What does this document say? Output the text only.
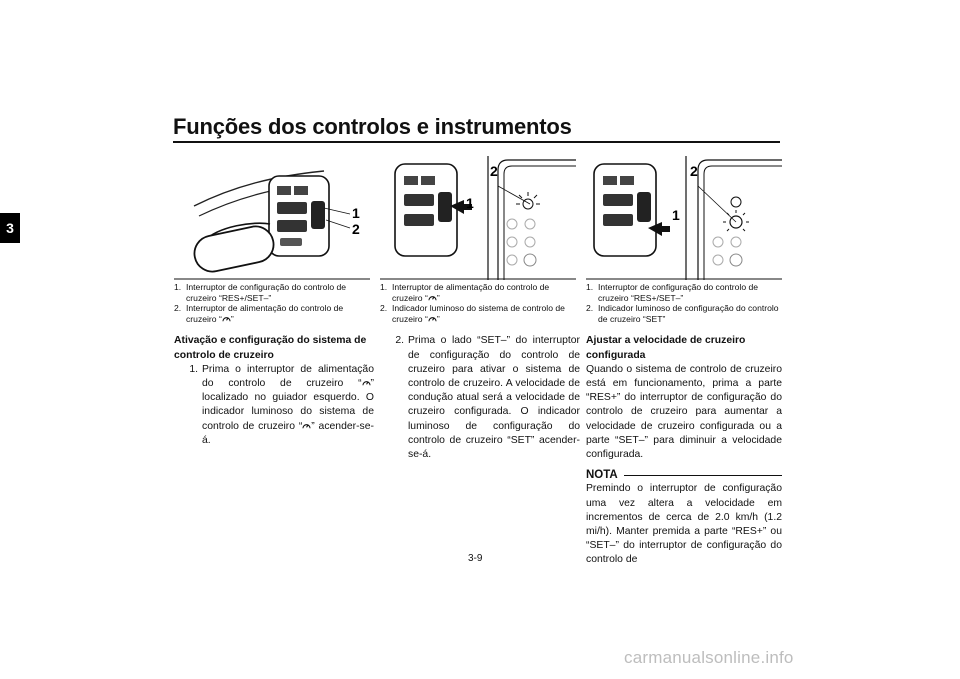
Funções dos controlos e instrumentos
3
1
2
2
1
2
1
1. Interruptor de configuração do controlo de cruzeiro “RES+/SET–”
2. Interruptor de alimentação do controlo de cruzeiro “ ”
Ativação e configuração do sistema de controlo de cruzeiro
1. Prima o interruptor de alimentação do controlo de cruzeiro “ ” localizado no guiador esquerdo. O indicador luminoso do sistema de controlo de cruzeiro “ ” acender-se-á.
1. Interruptor de alimentação do controlo de cruzeiro “ ”
2. Indicador luminoso do sistema de controlo de cruzeiro “ ”
2. Prima o lado “SET–” do interruptor de configuração do controlo de cruzeiro para ativar o sistema de controlo de cruzeiro. A velocidade de condução atual será a velocidade de cruzeiro configurada. O indicador luminoso de configuração do controlo de cruzeiro “SET” acender-se-á.
1. Interruptor de configuração do controlo de cruzeiro “RES+/SET–”
2. Indicador luminoso de configuração do controlo de cruzeiro “SET”
Ajustar a velocidade de cruzeiro configurada
Quando o sistema de controlo de cruzeiro está em funcionamento, prima a parte “RES+” do interruptor de configuração do controlo de cruzeiro para aumentar a velocidade de cruzeiro configurada ou a parte “SET–” para diminuir a velocidade configurada.
NOTA
Premindo o interruptor de configuração uma vez altera a velocidade em incrementos de cerca de 2.0 km/h (1.2 mi/h). Manter premida a parte “RES+” ou “SET–” do interruptor de configuração do controlo de
3-9
carmanualsonline.info
